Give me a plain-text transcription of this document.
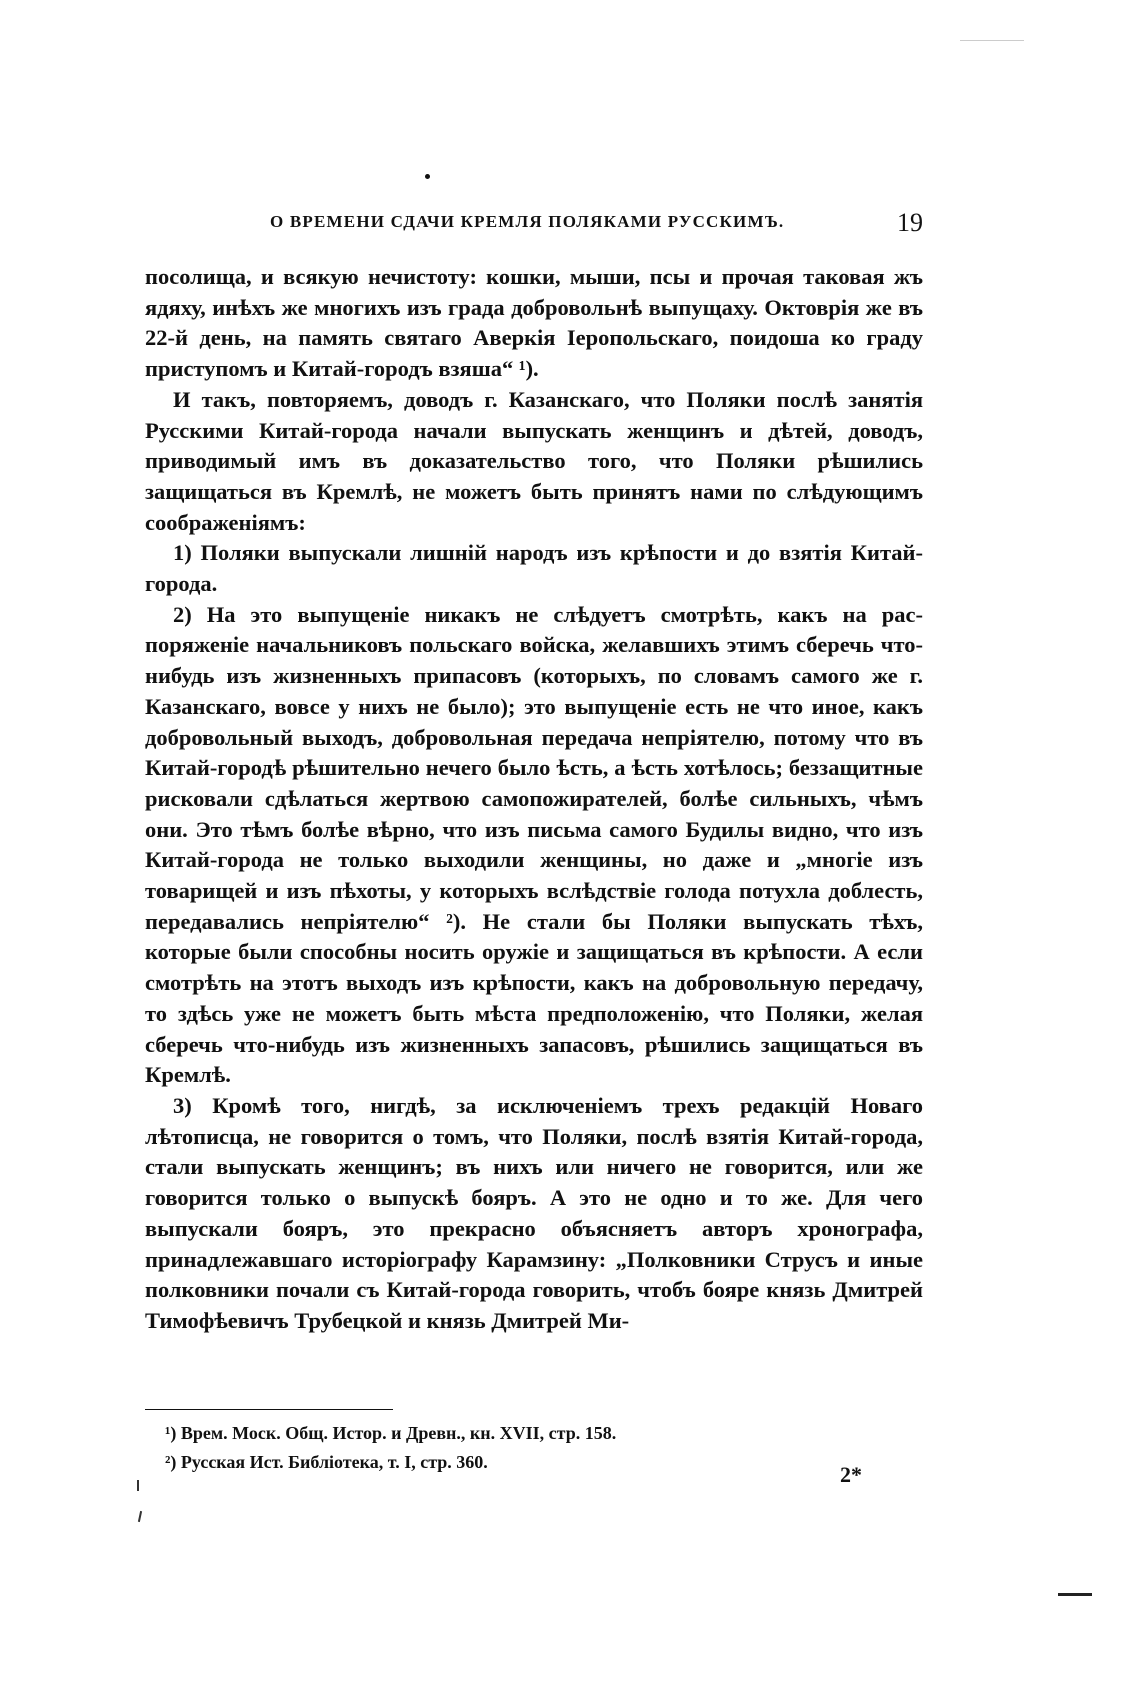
О ВРЕМЕНИ СДАЧИ КРЕМЛЯ ПОЛЯКАМИ РУССКИМЪ.	19

посолища, и всякую нечистоту: кошки, мыши, псы и прочая таковая жъ ядяху, инѣхъ же многихъ изъ града добровольнѣ выпущаху. Октоврія же въ 22-й день, на память святаго Аверкія Іеропольскаго, поидоша ко граду приступомъ и Китай-городъ взяша“ ¹).

И такъ, повторяемъ, доводъ г. Казанскаго, что Поляки послѣ занятія Русскими Китай-города начали выпускать женщинъ и дѣтей, доводъ, приводимый имъ въ доказательство того, что Поляки рѣшились защищаться въ Кремлѣ, не можетъ быть принятъ нами по слѣдующимъ соображеніямъ:

1) Поляки выпускали лишній народъ изъ крѣпости и до взятія Китай-города.

2) На это выпущеніе никакъ не слѣдуетъ смотрѣть, какъ на распоряженіе начальниковъ польскаго войска, желавшихъ этимъ сберечь что-нибудь изъ жизненныхъ припасовъ (которыхъ, по словамъ самого же г. Казанскаго, вовсе у нихъ не было); это выпущеніе есть не что иное, какъ добровольный выходъ, добровольная передача непріятелю, потому что въ Китай-городѣ рѣшительно нечего было ѣсть, а ѣсть хотѣлось; беззащитные рисковали сдѣлаться жертвою самопожирателей, болѣе сильныхъ, чѣмъ они. Это тѣмъ болѣе вѣрно, что изъ письма самого Будилы видно, что изъ Китай-города не только выходили женщины, но даже и „многіе изъ товарищей и изъ пѣхоты, у которыхъ вслѣдствіе голода потухла доблесть, передавались непріятелю“ ²). Не стали бы Поляки выпускать тѣхъ, которые были способны носить оружіе и защищаться въ крѣпости. А если смотрѣть на этотъ выходъ изъ крѣпости, какъ на добровольную передачу, то здѣсь уже не можетъ быть мѣста предположенію, что Поляки, желая сберечь что-нибудь изъ жизненныхъ запасовъ, рѣшились защищаться въ Кремлѣ.

3) Кромѣ того, нигдѣ, за исключеніемъ трехъ редакцій Новаго лѣтописца, не говорится о томъ, что Поляки, послѣ взятія Китай-города, стали выпускать женщинъ; въ нихъ или ничего не говорится, или же говорится только о выпускѣ бояръ. А это не одно и то же. Для чего выпускали бояръ, это прекрасно объясняетъ авторъ хронографа, принадлежавшаго исторіографу Карамзину: „Полковники Струсъ и иные полковники почали съ Китай-города говорить, чтобъ бояре князь Дмитрей Тимофѣевичъ Трубецкой и князь Дмитрей Ми-

¹) Врем. Моск. Общ. Истор. и Древн., кн. XVII, стр. 158.
²) Русская Ист. Библіотека, т. I, стр. 360.	2*
